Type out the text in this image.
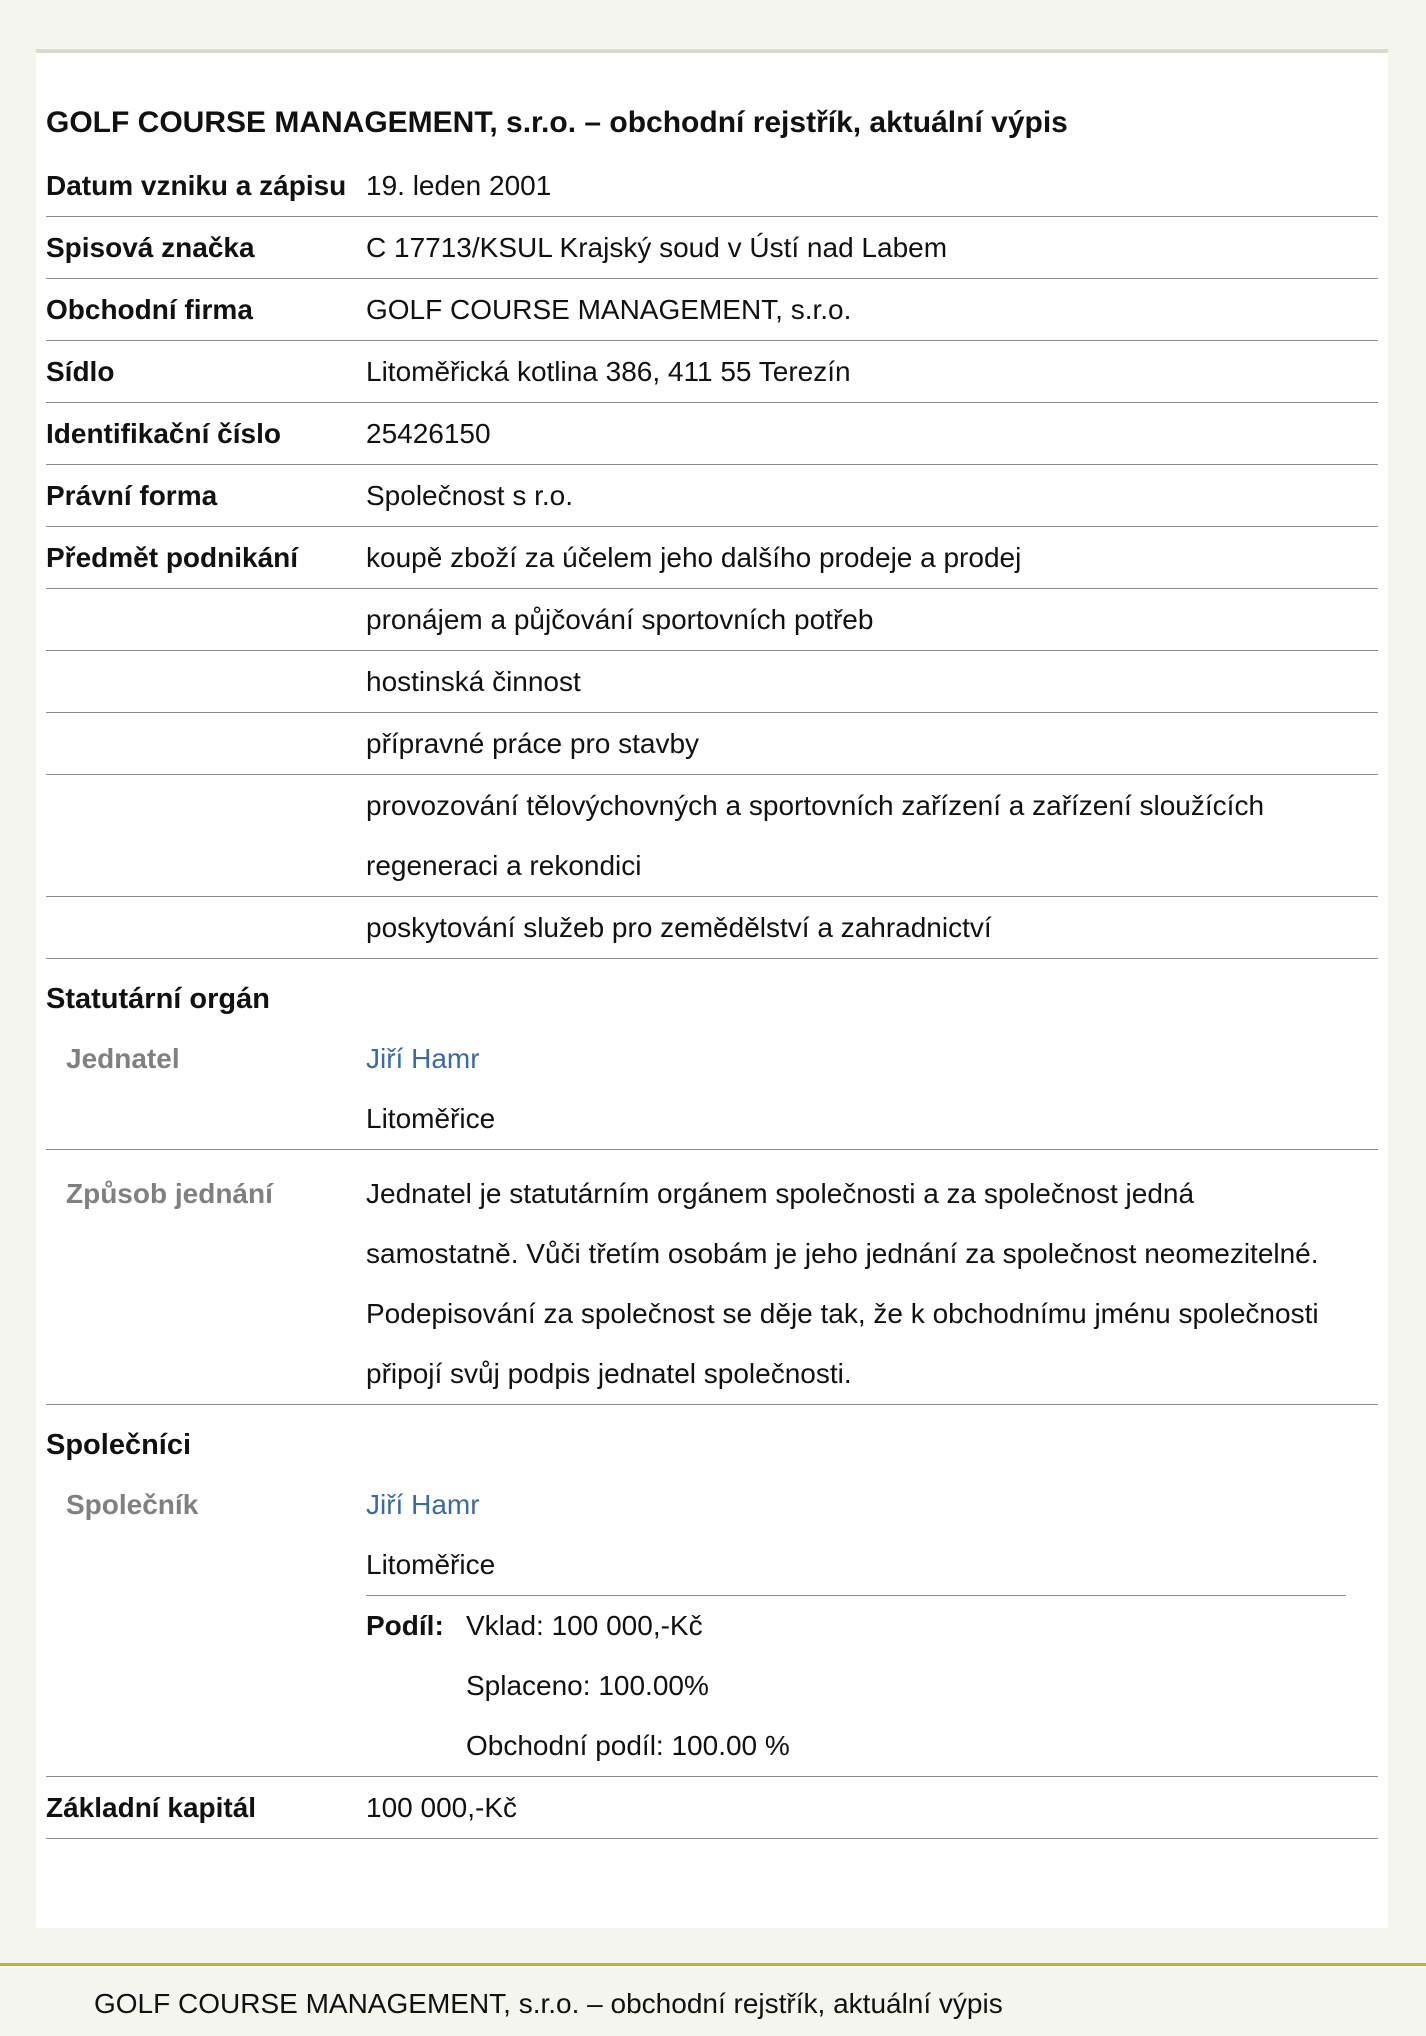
GOLF COURSE MANAGEMENT, s.r.o. – obchodní rejstřík, aktuální výpis
Datum vzniku a zápisu 19. leden 2001
Spisová značka	C 17713/KSUL Krajský soud v Ústí nad Labem
Obchodní firma	GOLF COURSE MANAGEMENT, s.r.o.
Sídlo	Litoměřická kotlina 386, 411 55 Terezín
Identifikační číslo	25426150
Právní forma	Společnost s r.o.
Předmět podnikání	koupě zboží za účelem jeho dalšího prodeje a prodej
pronájem a půjčování sportovních potřeb
hostinská činnost
přípravné práce pro stavby
provozování tělovýchovných a sportovních zařízení a zařízení sloužících regeneraci a rekondici
poskytování služeb pro zemědělství a zahradnictví
Statutární orgán
Jednatel	Jiří Hamr
Litoměřice
Způsob jednání	Jednatel je statutárním orgánem společnosti a za společnost jedná samostatně. Vůči třetím osobám je jeho jednání za společnost neomezitelné. Podepisování za společnost se děje tak, že k obchodnímu jménu společnosti připojí svůj podpis jednatel společnosti.
Společníci
Společník	Jiří Hamr
Litoměřice
Podíl: Vklad: 100 000,-Kč
Splaceno: 100.00%
Obchodní podíl: 100.00 %
Základní kapitál	100 000,-Kč
GOLF COURSE MANAGEMENT, s.r.o. – obchodní rejstřík, aktuální výpis
